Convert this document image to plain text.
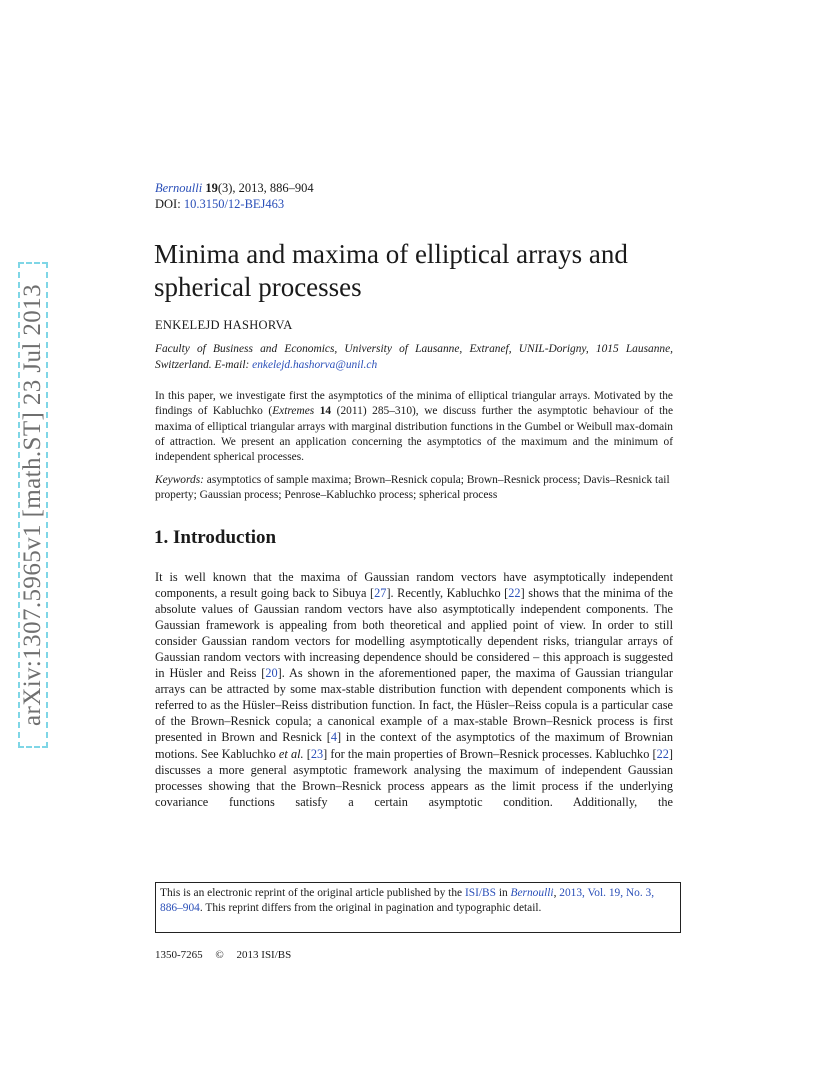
arXiv:1307.5965v1 [math.ST] 23 Jul 2013
Bernoulli 19(3), 2013, 886–904
DOI: 10.3150/12-BEJ463
Minima and maxima of elliptical arrays and spherical processes
ENKELEJD HASHORVA
Faculty of Business and Economics, University of Lausanne, Extranef, UNIL-Dorigny, 1015 Lausanne, Switzerland. E-mail: enkelejd.hashorva@unil.ch
In this paper, we investigate first the asymptotics of the minima of elliptical triangular arrays. Motivated by the findings of Kabluchko (Extremes 14 (2011) 285–310), we discuss further the asymptotic behaviour of the maxima of elliptical triangular arrays with marginal distribution functions in the Gumbel or Weibull max-domain of attraction. We present an application concerning the asymptotics of the maximum and the minimum of independent spherical processes.
Keywords: asymptotics of sample maxima; Brown–Resnick copula; Brown–Resnick process; Davis–Resnick tail property; Gaussian process; Penrose–Kabluchko process; spherical process
1. Introduction
It is well known that the maxima of Gaussian random vectors have asymptotically independent components, a result going back to Sibuya [27]. Recently, Kabluchko [22] shows that the minima of the absolute values of Gaussian random vectors have also asymptotically independent components. The Gaussian framework is appealing from both theoretical and applied point of view. In order to still consider Gaussian random vectors for modelling asymptotically dependent risks, triangular arrays of Gaussian random vectors with increasing dependence should be considered – this approach is suggested in Hüsler and Reiss [20]. As shown in the aforementioned paper, the maxima of Gaussian triangular arrays can be attracted by some max-stable distribution function with dependent components which is referred to as the Hüsler–Reiss distribution function. In fact, the Hüsler–Reiss copula is a particular case of the Brown–Resnick copula; a canonical example of a max-stable Brown–Resnick process is first presented in Brown and Resnick [4] in the context of the asymptotics of the maximum of Brownian motions. See Kabluchko et al. [23] for the main properties of Brown–Resnick processes. Kabluchko [22] discusses a more general asymptotic framework analysing the maximum of independent Gaussian processes showing that the Brown–Resnick process appears as the limit process if the underlying covariance functions satisfy a certain asymptotic condition. Additionally, the
This is an electronic reprint of the original article published by the ISI/BS in Bernoulli, 2013, Vol. 19, No. 3, 886–904. This reprint differs from the original in pagination and typographic detail.
1350-7265 © 2013 ISI/BS
